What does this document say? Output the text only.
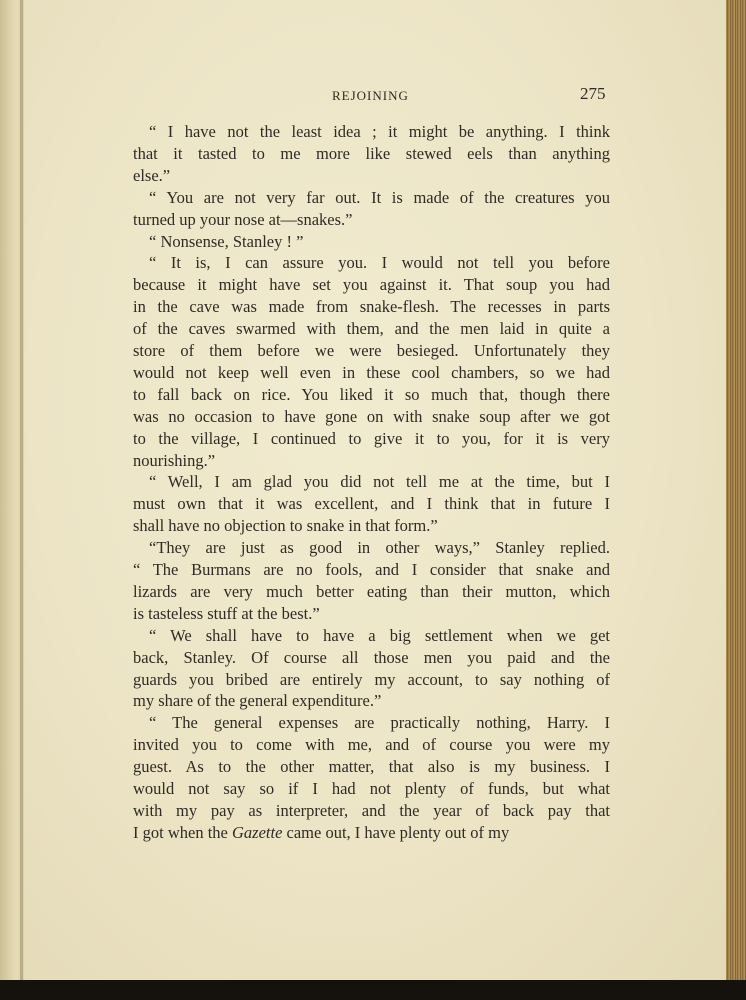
REJOINING	275
“ I have not the least idea ; it might be anything. I think
that it tasted to me more like stewed eels than anything
else.”
“ You are not very far out. It is made of the creatures you
turned up your nose at—snakes.”
“ Nonsense, Stanley ! ”
“ It is, I can assure you. I would not tell you before
because it might have set you against it. That soup you had
in the cave was made from snake-flesh. The recesses in parts
of the caves swarmed with them, and the men laid in quite a
store of them before we were besieged. Unfortunately they
would not keep well even in these cool chambers, so we had
to fall back on rice. You liked it so much that, though there
was no occasion to have gone on with snake soup after we got
to the village, I continued to give it to you, for it is very
nourishing.”
“ Well, I am glad you did not tell me at the time, but I
must own that it was excellent, and I think that in future I
shall have no objection to snake in that form.”
“They are just as good in other ways,” Stanley replied.
“ The Burmans are no fools, and I consider that snake and
lizards are very much better eating than their mutton, which
is tasteless stuff at the best.”
“ We shall have to have a big settlement when we get
back, Stanley. Of course all those men you paid and the
guards you bribed are entirely my account, to say nothing of
my share of the general expenditure.”
“ The general expenses are practically nothing, Harry. I
invited you to come with me, and of course you were my
guest. As to the other matter, that also is my business. I
would not say so if I had not plenty of funds, but what
with my pay as interpreter, and the year of back pay that
I got when the Gazette came out, I have plenty out of my
